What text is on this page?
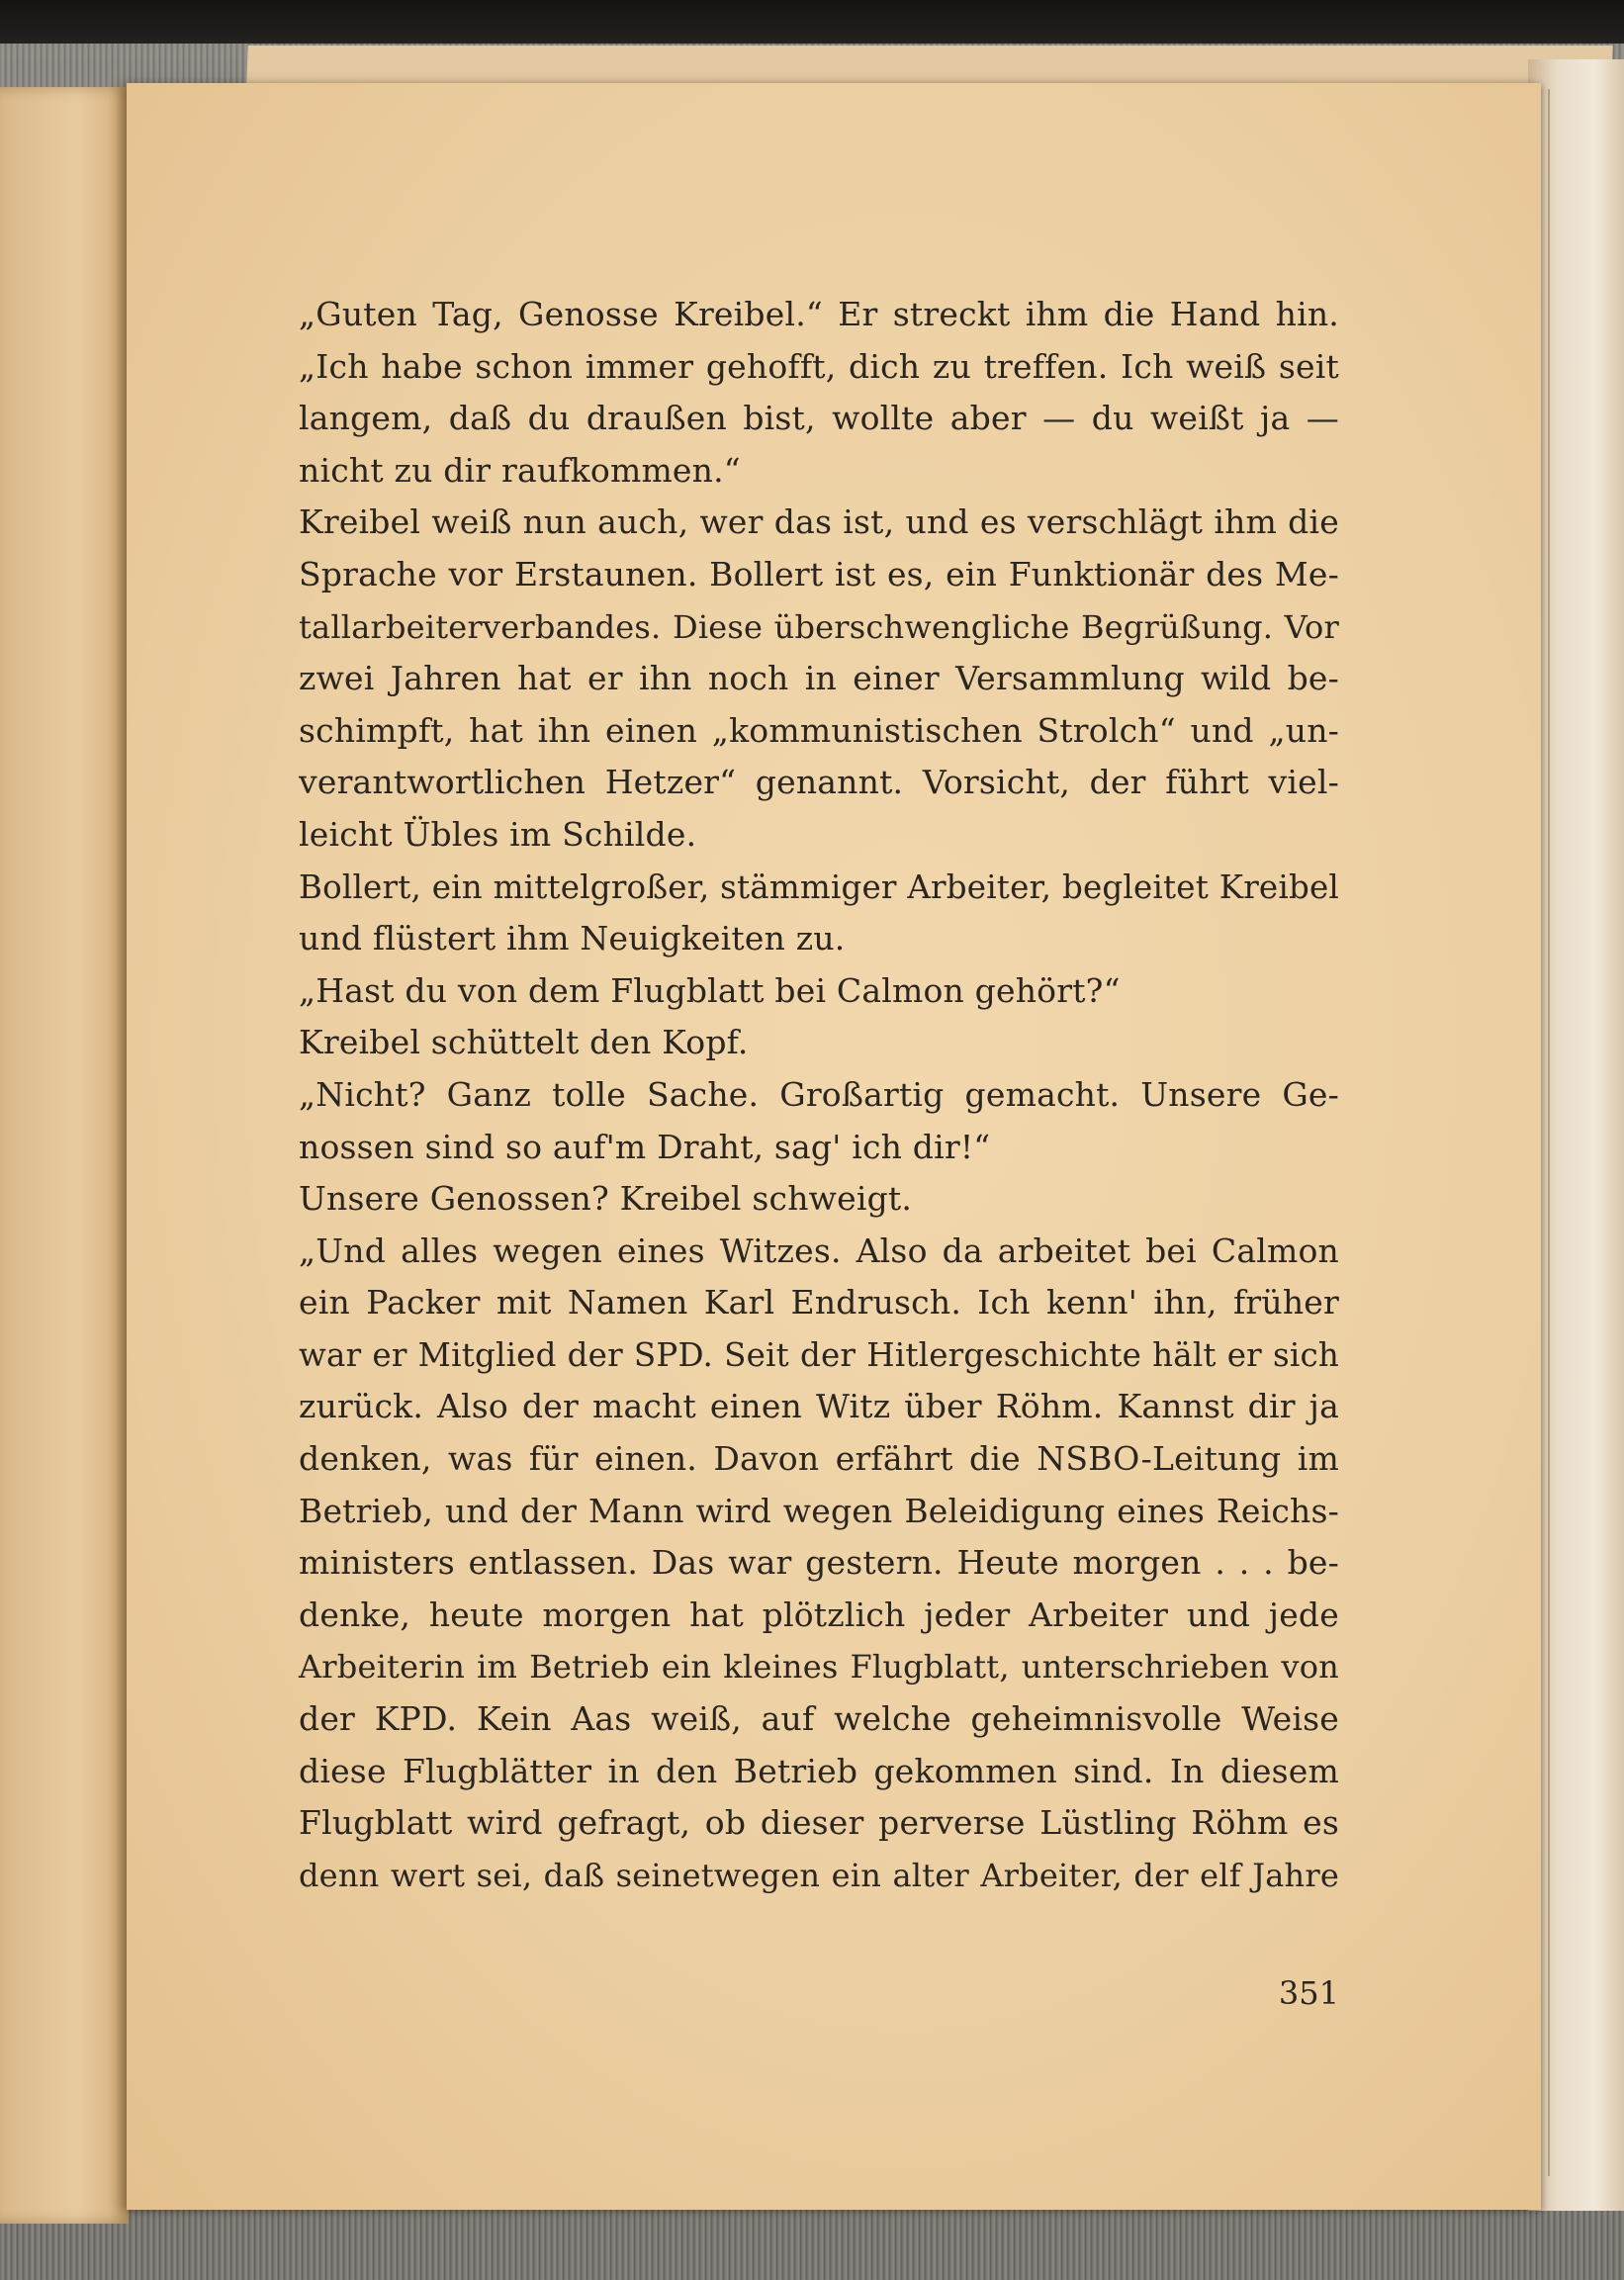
„Guten Tag, Genosse Kreibel.“ Er streckt ihm die Hand hin.
„Ich habe schon immer gehofft, dich zu treffen. Ich weiß seit
langem, daß du draußen bist, wollte aber — du weißt ja —
nicht zu dir raufkommen.“
Kreibel weiß nun auch, wer das ist, und es verschlägt ihm die
Sprache vor Erstaunen. Bollert ist es, ein Funktionär des Me-
tallarbeiterverbandes. Diese überschwengliche Begrüßung. Vor
zwei Jahren hat er ihn noch in einer Versammlung wild be-
schimpft, hat ihn einen „kommunistischen Strolch“ und „un-
verantwortlichen Hetzer“ genannt. Vorsicht, der führt viel-
leicht Übles im Schilde.
Bollert, ein mittelgroßer, stämmiger Arbeiter, begleitet Kreibel
und flüstert ihm Neuigkeiten zu.
„Hast du von dem Flugblatt bei Calmon gehört?“
Kreibel schüttelt den Kopf.
„Nicht? Ganz tolle Sache. Großartig gemacht. Unsere Ge-
nossen sind so auf'm Draht, sag' ich dir!“
Unsere Genossen? Kreibel schweigt.
„Und alles wegen eines Witzes. Also da arbeitet bei Calmon
ein Packer mit Namen Karl Endrusch. Ich kenn' ihn, früher
war er Mitglied der SPD. Seit der Hitlergeschichte hält er sich
zurück. Also der macht einen Witz über Röhm. Kannst dir ja
denken, was für einen. Davon erfährt die NSBO-Leitung im
Betrieb, und der Mann wird wegen Beleidigung eines Reichs-
ministers entlassen. Das war gestern. Heute morgen . . . be-
denke, heute morgen hat plötzlich jeder Arbeiter und jede
Arbeiterin im Betrieb ein kleines Flugblatt, unterschrieben von
der KPD. Kein Aas weiß, auf welche geheimnisvolle Weise
diese Flugblätter in den Betrieb gekommen sind. In diesem
Flugblatt wird gefragt, ob dieser perverse Lüstling Röhm es
denn wert sei, daß seinetwegen ein alter Arbeiter, der elf Jahre
351
